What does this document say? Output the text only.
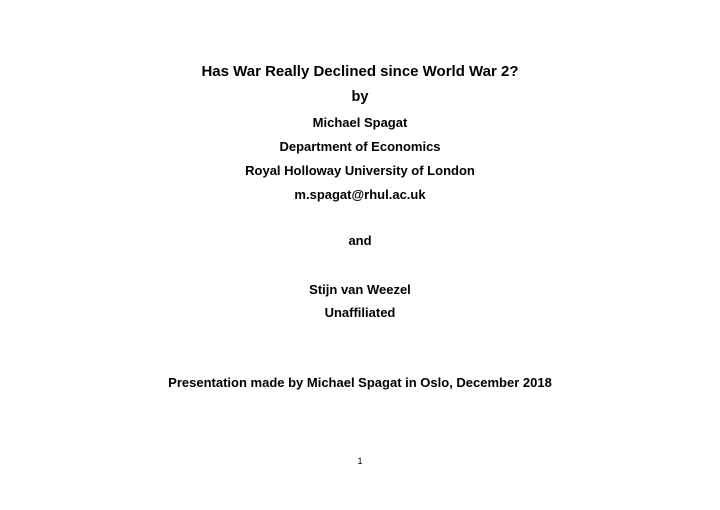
Has War Really Declined since World War 2?
by
Michael Spagat
Department of Economics
Royal Holloway University of London
m.spagat@rhul.ac.uk
and
Stijn van Weezel
Unaffiliated
Presentation made by Michael Spagat in Oslo, December 2018
1
